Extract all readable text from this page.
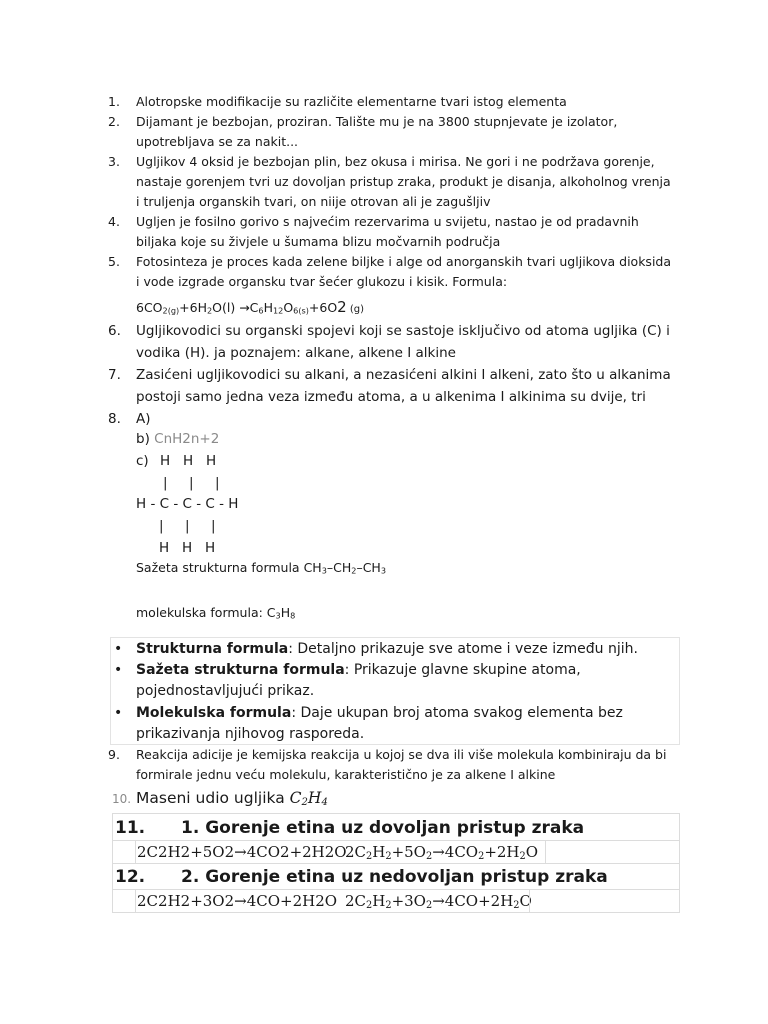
1.	Alotropske modifikacije su različite elementarne tvari istog elementa
2.	Dijamant je bezbojan, proziran. Talište mu je na 3800 stupnjevate je izolator, upotrebljava se za nakit...
3.	Ugljikov 4 oksid je bezbojan plin, bez okusa i mirisa. Ne gori i ne podržava gorenje, nastaje gorenjem tvri uz dovoljan pristup zraka, produkt je disanja, alkoholnog vrenja i truljenja organskih tvari, on niije otrovan ali je zagušljiv
4.	Ugljen je fosilno gorivo s najvećim rezervarima u svijetu, nastao je od pradavnih biljaka koje su živjele u šumama blizu močvarnih područja
5.	Fotosinteza je proces kada zelene biljke i alge od anorganskih tvari ugljikova dioksida i vode izgrade organsku tvar šećer glukozu i kisik. Formula:
$6CO_{2(g)}+6H_2O(l) \to C_6H_{12}O_{6(s)}+6O2$ (g)
6.	Ugljikovodici su organski spojevi koji se sastoje isključivo od atoma ugljika (C) i vodika (H). ja poznajem: alkane, alkene I alkine
7.	Zasićeni ugljikovodici su alkani, a nezasićeni alkini I alkeni, zato što u alkanima postoji samo jedna veza između atoma, a u alkenima I alkinima su dvije, tri
8.	A)
b) CnH2n+2
c) H   H   H
|     |     |
H - C - C - C - H
|     |     |
H   H   H
Sažeta strukturna formula $CH_3-CH_2-CH_3$
molekulska formula: $C_3H_8$
• Strukturna formula: Detaljno prikazuje sve atome i veze između njih.
• Sažeta strukturna formula: Prikazuje glavne skupine atoma, pojednostavljujući prikaz.
• Molekulska formula: Daje ukupan broj atoma svakog elementa bez prikazivanja njihovog rasporeda.
9.	Reakcija adicije je kemijska reakcija u kojoj se dva ili više molekula kombiniraju da bi formirale jednu veću molekulu, karakteristično je za alkene I alkine
10. Maseni udio ugljika $C_2H_4$
11. 1. Gorenje etina uz dovoljan pristup zraka
2C2H2+5O2→4CO2+2H2O
$2C_2H_2+5O_2\to 4CO_2+2H_2O$
12. 2. Gorenje etina uz nedovoljan pristup zraka
2C2H2+3O2→4CO+2H2O $2C_2H_2+3O_2\to 4CO+2H_2O$
